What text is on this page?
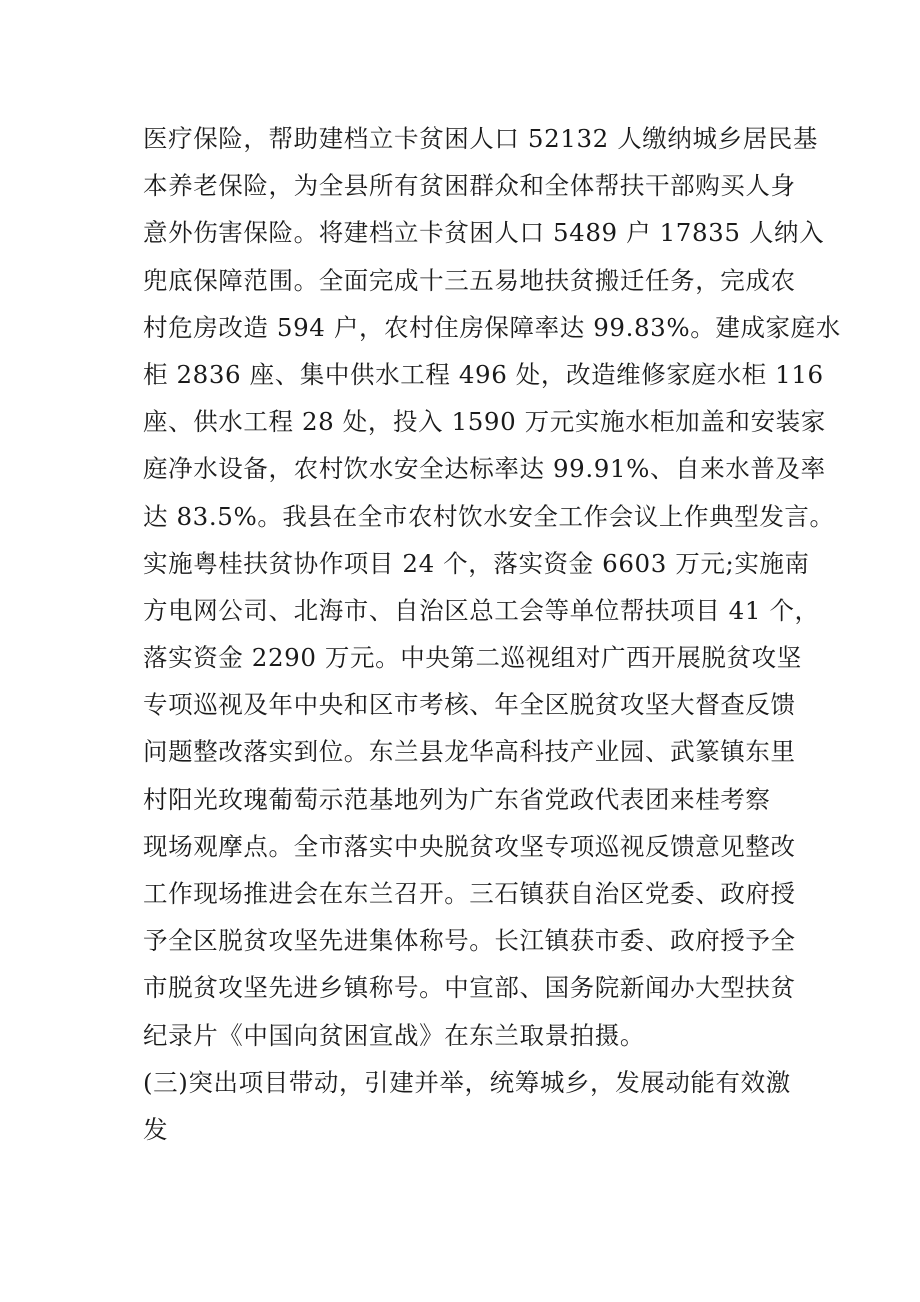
医疗保险，帮助建档立卡贫困人口 52132 人缴纳城乡居民基
本养老保险，为全县所有贫困群众和全体帮扶干部购买人身
意外伤害保险。将建档立卡贫困人口 5489 户 17835 人纳入
兜底保障范围。全面完成十三五易地扶贫搬迁任务，完成农
村危房改造 594 户，农村住房保障率达 99.83%。建成家庭水
柜 2836 座、集中供水工程 496 处，改造维修家庭水柜 116
座、供水工程 28 处，投入 1590 万元实施水柜加盖和安装家
庭净水设备，农村饮水安全达标率达 99.91%、自来水普及率
达 83.5%。我县在全市农村饮水安全工作会议上作典型发言。
实施粤桂扶贫协作项目 24 个，落实资金 6603 万元;实施南
方电网公司、北海市、自治区总工会等单位帮扶项目 41 个，
落实资金 2290 万元。中央第二巡视组对广西开展脱贫攻坚
专项巡视及年中央和区市考核、年全区脱贫攻坚大督查反馈
问题整改落实到位。东兰县龙华高科技产业园、武篆镇东里
村阳光玫瑰葡萄示范基地列为广东省党政代表团来桂考察
现场观摩点。全市落实中央脱贫攻坚专项巡视反馈意见整改
工作现场推进会在东兰召开。三石镇获自治区党委、政府授
予全区脱贫攻坚先进集体称号。长江镇获市委、政府授予全
市脱贫攻坚先进乡镇称号。中宣部、国务院新闻办大型扶贫
纪录片《中国向贫困宣战》在东兰取景拍摄。
(三)突出项目带动，引建并举，统筹城乡，发展动能有效激
发
